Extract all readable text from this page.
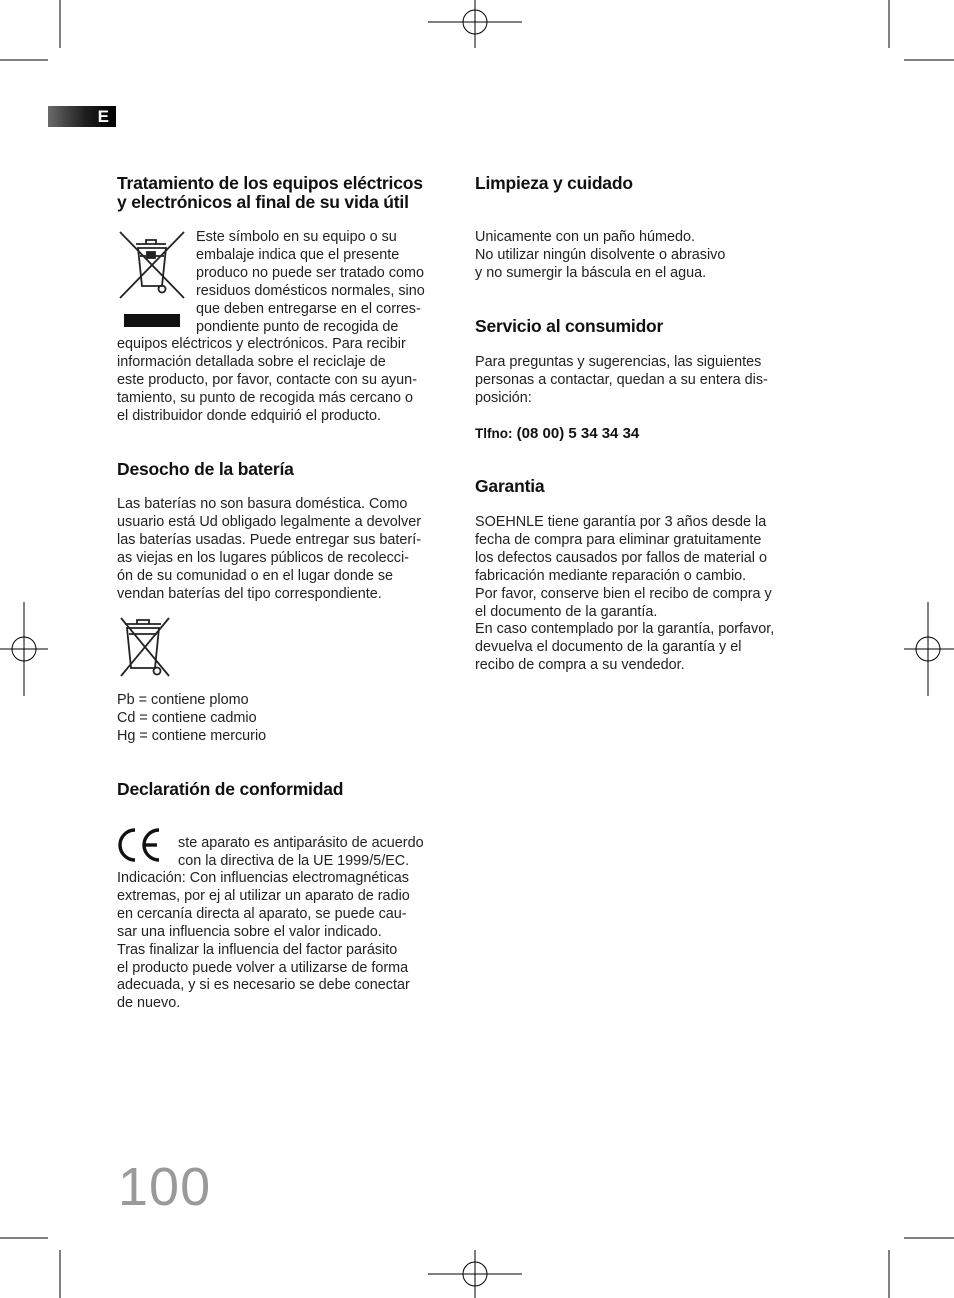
E

Tratamiento de los equipos eléctricos

y electrónicos al final de su vida útil

Este símbolo en su equipo o su
embalaje indica que el presente
produco no puede ser tratado como
residuos domésticos normales, sino
que deben entregarse en el corres-
pondiente punto de recogida de

equipos eléctricos y electrónicos. Para recibir
información detallada sobre el reciclaje de
este producto, por favor, contacte con su ayun-
tamiento, su punto de recogida más cercano o
el distribuidor donde edquirió el producto.

Desocho de la batería

Las baterías no son basura doméstica. Como
usuario está Ud obligado legalmente a devolver
las baterías usadas. Puede entregar sus baterí-
as viejas en los lugares públicos de recolecci-
ón de su comunidad o en el lugar donde se
vendan baterías del tipo correspondiente.

Pb = contiene plomo

Cd = contiene cadmio

Hg = contiene mercurio

Declaratión de conformidad

ste aparato es antiparásito de acuerdo
con la directiva de la UE 1999/5/EC.

Indicación: Con influencias electromagnéticas
extremas, por ej al utilizar un aparato de radio
en cercanía directa al aparato, se puede cau-
sar una influencia sobre el valor indicado.
Tras finalizar la influencia del factor parásito
el producto puede volver a utilizarse de forma
adecuada, y si es necesario se debe conectar
de nuevo.

Limpieza y cuidado

Unicamente con un paño húmedo.
No utilizar ningún disolvente o abrasivo
y no sumergir la báscula en el agua.

Servicio al consumidor

Para preguntas y sugerencias, las siguientes
personas a contactar, quedan a su entera dis-
posición:

Tlfno: (08 00) 5 34 34 34

Garantia

SOEHNLE tiene garantía por 3 años desde la
fecha de compra para eliminar gratuitamente
los defectos causados por fallos de material o
fabricación mediante reparación o cambio.
Por favor, conserve bien el recibo de compra y
el documento de la garantía.
En caso contemplado por la garantía, porfavor,
devuelva el documento de la garantía y el
recibo de compra a su vendedor.

100
